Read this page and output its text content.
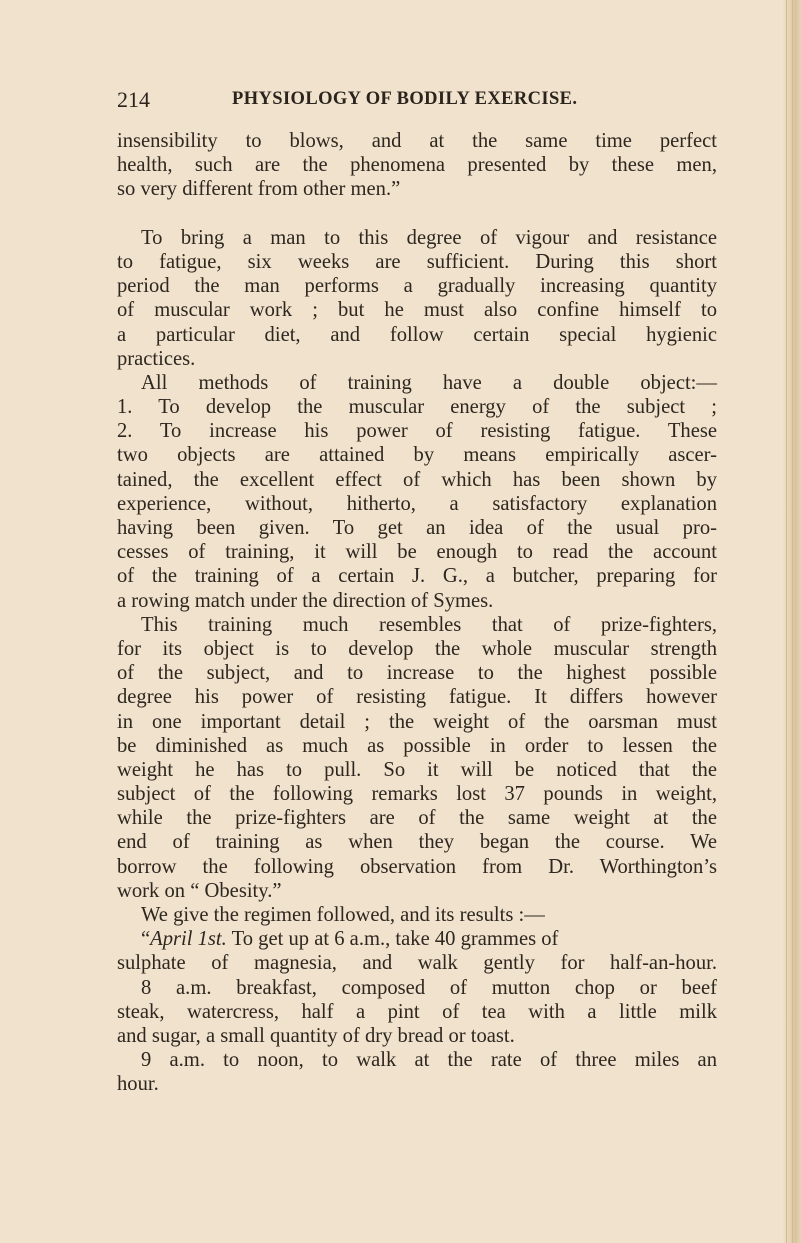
214	PHYSIOLOGY OF BODILY EXERCISE.
insensibility to blows, and at the same time perfect
health, such are the phenomena presented by these men,
so very different from other men.”
To bring a man to this degree of vigour and resistance
to fatigue, six weeks are sufficient. During this short
period the man performs a gradually increasing quantity
of muscular work ; but he must also confine himself to
a particular diet, and follow certain special hygienic
practices.
All methods of training have a double object:—
1. To develop the muscular energy of the subject ;
2. To increase his power of resisting fatigue. These
two objects are attained by means empirically ascer-
tained, the excellent effect of which has been shown by
experience, without, hitherto, a satisfactory explanation
having been given. To get an idea of the usual pro-
cesses of training, it will be enough to read the account
of the training of a certain J. G., a butcher, preparing for
a rowing match under the direction of Symes.
This training much resembles that of prize-fighters,
for its object is to develop the whole muscular strength
of the subject, and to increase to the highest possible
degree his power of resisting fatigue. It differs however
in one important detail ; the weight of the oarsman must
be diminished as much as possible in order to lessen the
weight he has to pull. So it will be noticed that the
subject of the following remarks lost 37 pounds in weight,
while the prize-fighters are of the same weight at the
end of training as when they began the course. We
borrow the following observation from Dr. Worthington’s
work on “ Obesity.”
We give the regimen followed, and its results :—
“April 1st. To get up at 6 a.m., take 40 grammes of
sulphate of magnesia, and walk gently for half-an-hour.
8 a.m. breakfast, composed of mutton chop or beef
steak, watercress, half a pint of tea with a little milk
and sugar, a small quantity of dry bread or toast.
9 a.m. to noon, to walk at the rate of three miles an
hour.
